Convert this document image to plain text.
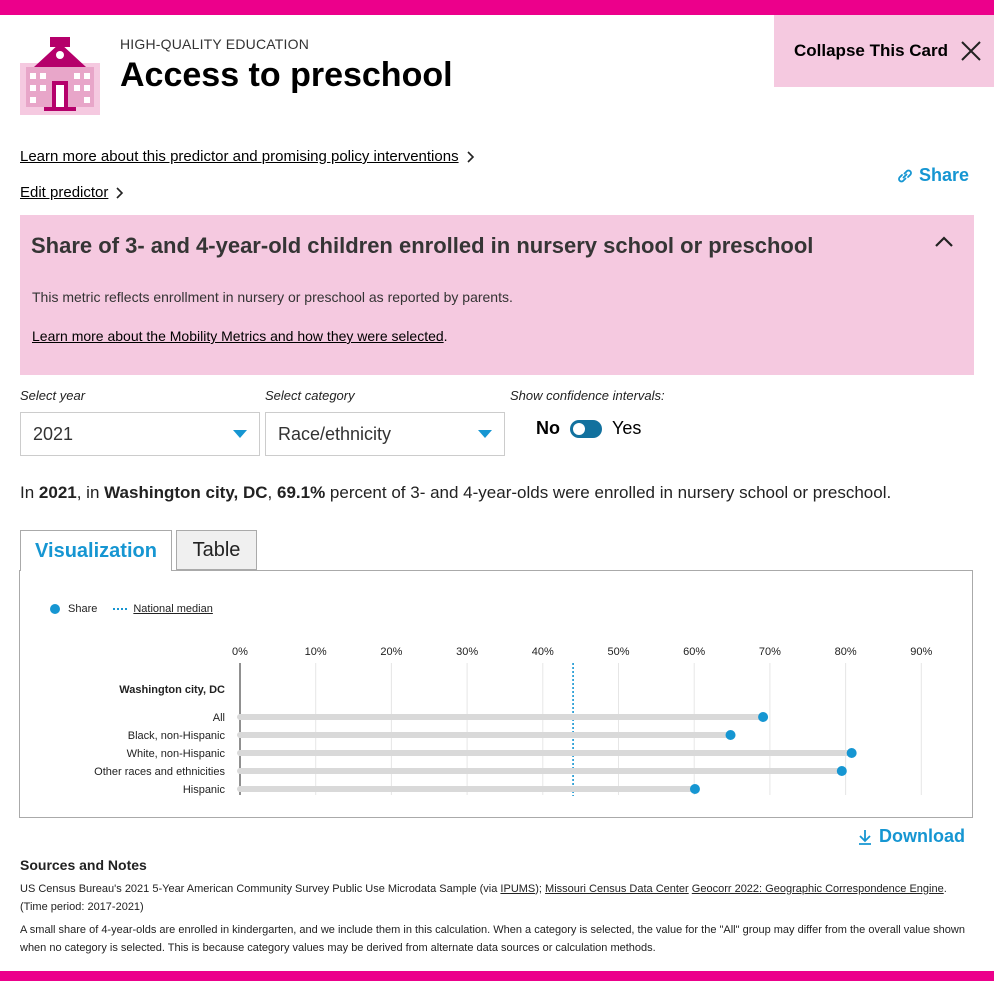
HIGH-QUALITY EDUCATION
Access to preschool
Collapse This Card
Learn more about this predictor and promising policy interventions
Edit predictor
Share
Share of 3- and 4-year-old children enrolled in nursery school or preschool
This metric reflects enrollment in nursery or preschool as reported by parents.
Learn more about the Mobility Metrics and how they were selected.
Select year
2021
Select category
Race/ethnicity
Show confidence intervals:
No	Yes
In 2021, in Washington city, DC, 69.1% percent of 3- and 4-year-olds were enrolled in nursery school or preschool.
Visualization	Table
Share	National median
0%	10%	20%	30%	40%	50%	60%	70%	80%	90%
Washington city, DC
All
Black, non-Hispanic
White, non-Hispanic
Other races and ethnicities
Hispanic
Download
Sources and Notes
US Census Bureau's 2021 5-Year American Community Survey Public Use Microdata Sample (via IPUMS); Missouri Census Data Center Geocorr 2022: Geographic Correspondence Engine. (Time period: 2017-2021)
A small share of 4-year-olds are enrolled in kindergarten, and we include them in this calculation. When a category is selected, the value for the "All" group may differ from the overall value shown when no category is selected. This is because category values may be derived from alternate data sources or calculation methods.
